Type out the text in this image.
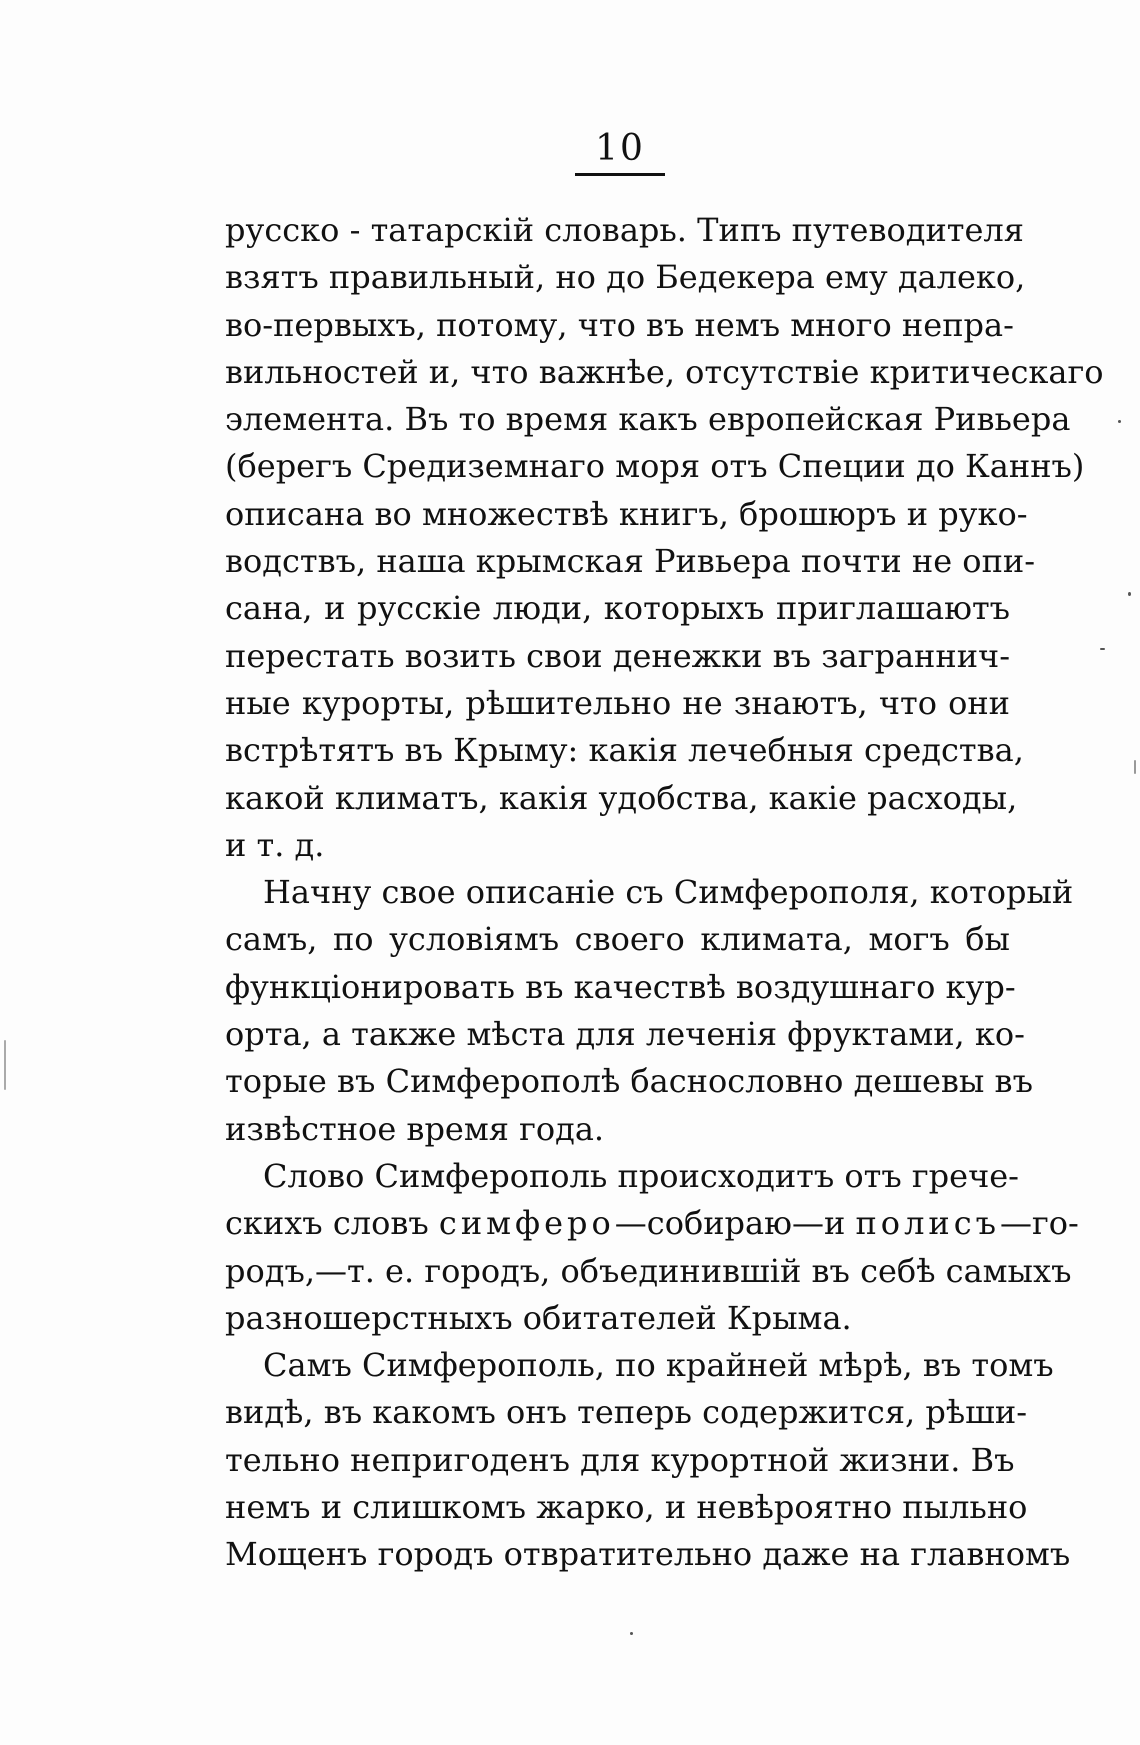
10
русско - татарскій словарь. Типъ путеводителя
взятъ правильный, но до Бедекера ему далеко,
во-первыхъ, потому, что въ немъ много непра-
вильностей и, что важнѣе, отсутствіе критическаго
элемента. Въ то время какъ европейская Ривьера
(берегъ Средиземнаго моря отъ Специи до Каннъ)
описана во множествѣ книгъ, брошюръ и руко-
водствъ, наша крымская Ривьера почти не опи-
сана, и русскіе люди, которыхъ приглашаютъ
перестать возить свои денежки въ заграннич-
ные курорты, рѣшительно не знаютъ, что они
встрѣтятъ въ Крыму: какія лечебныя средства,
какой климатъ, какія удобства, какіе расходы,
и т. д.
Начну свое описаніе съ Симферополя, который
самъ, по условіямъ своего климата, могъ бы
функціонировать въ качествѣ воздушнаго кур-
орта, а также мѣста для леченія фруктами, ко-
торые въ Симферополѣ баснословно дешевы въ
извѣстное время года.
Слово Симферополь происходитъ отъ грече-
скихъ словъ симферо—собираю—и полисъ—го-
родъ,—т. е. городъ, объединившій въ себѣ самыхъ
разношерстныхъ обитателей Крыма.
Самъ Симферополь, по крайней мѣрѣ, въ томъ
видѣ, въ какомъ онъ теперь содержится, рѣши-
тельно непригоденъ для курортной жизни. Въ
немъ и слишкомъ жарко, и невѣроятно пыльно
Мощенъ городъ отвратительно даже на главномъ
